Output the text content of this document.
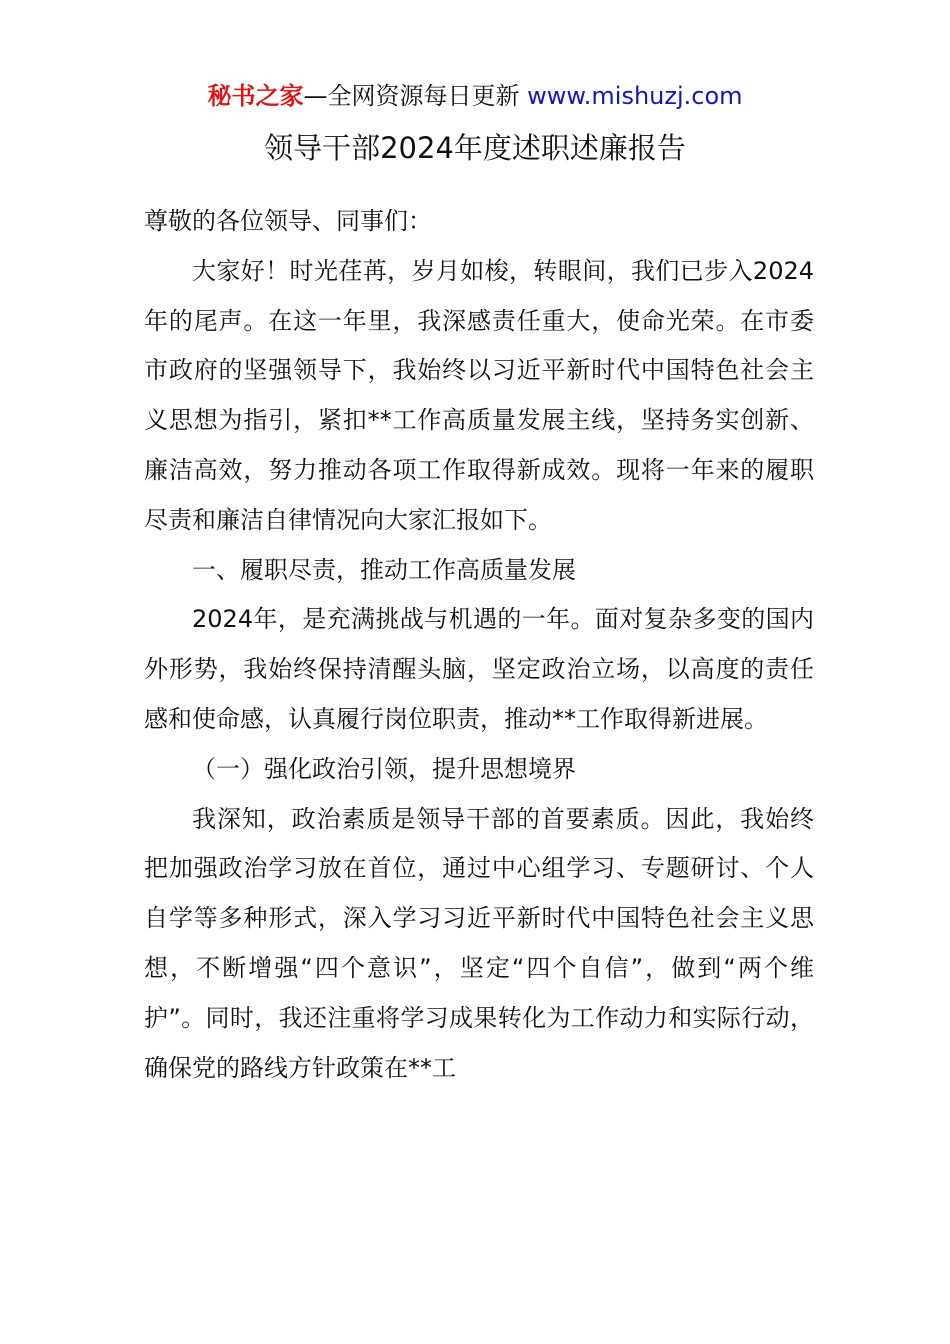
秘书之家—全网资源每日更新 www.mishuzj.com
领导干部2024年度述职述廉报告

尊敬的各位领导、同事们：

大家好！时光荏苒，岁月如梭，转眼间，我们已步入2024年的尾声。在这一年里，我深感责任重大，使命光荣。在市委市政府的坚强领导下，我始终以习近平新时代中国特色社会主义思想为指引，紧扣**工作高质量发展主线，坚持务实创新、廉洁高效，努力推动各项工作取得新成效。现将一年来的履职尽责和廉洁自律情况向大家汇报如下。

一、履职尽责，推动工作高质量发展

2024年，是充满挑战与机遇的一年。面对复杂多变的国内外形势，我始终保持清醒头脑，坚定政治立场，以高度的责任感和使命感，认真履行岗位职责，推动**工作取得新进展。

（一）强化政治引领，提升思想境界

我深知，政治素质是领导干部的首要素质。因此，我始终把加强政治学习放在首位，通过中心组学习、专题研讨、个人自学等多种形式，深入学习习近平新时代中国特色社会主义思想，不断增强“四个意识”，坚定“四个自信”，做到“两个维护”。同时，我还注重将学习成果转化为工作动力和实际行动，确保党的路线方针政策在**工
